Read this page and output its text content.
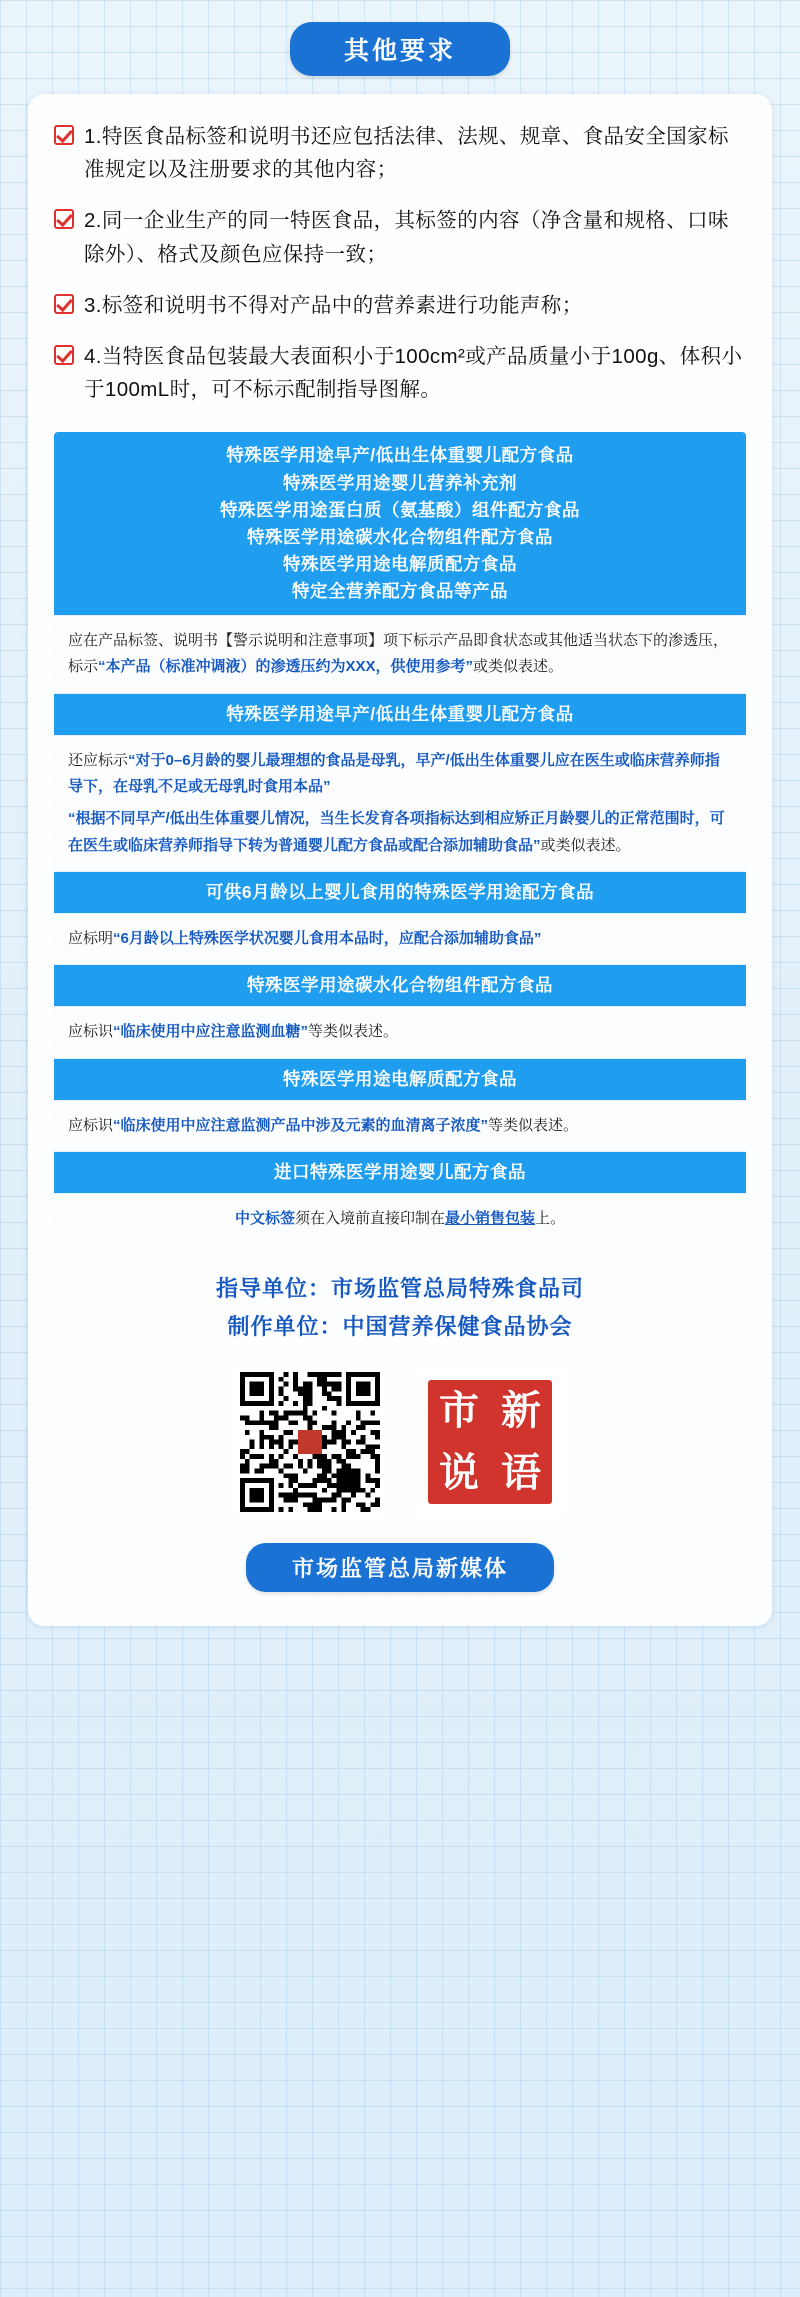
其他要求
1.特医食品标签和说明书还应包括法律、法规、规章、食品安全国家标准规定以及注册要求的其他内容；
2.同一企业生产的同一特医食品，其标签的内容（净含量和规格、口味除外）、格式及颜色应保持一致；
3.标签和说明书不得对产品中的营养素进行功能声称；
4.当特医食品包装最大表面积小于100cm²或产品质量小于100g、体积小于100mL时，可不标示配制指导图解。
特殊医学用途早产/低出生体重婴儿配方食品
特殊医学用途婴儿营养补充剂
特殊医学用途蛋白质（氨基酸）组件配方食品
特殊医学用途碳水化合物组件配方食品
特殊医学用途电解质配方食品
特定全营养配方食品等产品

应在产品标签、说明书【警示说明和注意事项】项下标示产品即食状态或其他适当状态下的渗透压，标示“本产品（标准冲调液）的渗透压约为XXX，供使用参考”或类似表述。

特殊医学用途早产/低出生体重婴儿配方食品

还应标示“对于0–6月龄的婴儿最理想的食品是母乳，早产/低出生体重婴儿应在医生或临床营养师指导下，在母乳不足或无母乳时食用本品”

“根据不同早产/低出生体重婴儿情况，当生长发育各项指标达到相应矫正月龄婴儿的正常范围时，可在医生或临床营养师指导下转为普通婴儿配方食品或配合添加辅助食品”或类似表述。

可供6月龄以上婴儿食用的特殊医学用途配方食品

应标明“6月龄以上特殊医学状况婴儿食用本品时，应配合添加辅助食品”

特殊医学用途碳水化合物组件配方食品

应标识“临床使用中应注意监测血糖”等类似表述。

特殊医学用途电解质配方食品

应标识“临床使用中应注意监测产品中涉及元素的血清离子浓度”等类似表述。

进口特殊医学用途婴儿配方食品

中文标签须在入境前直接印制在最小销售包装上。

指导单位：市场监管总局特殊食品司
制作单位：中国营养保健食品协会
市 新
说 语
市场监管总局新媒体
